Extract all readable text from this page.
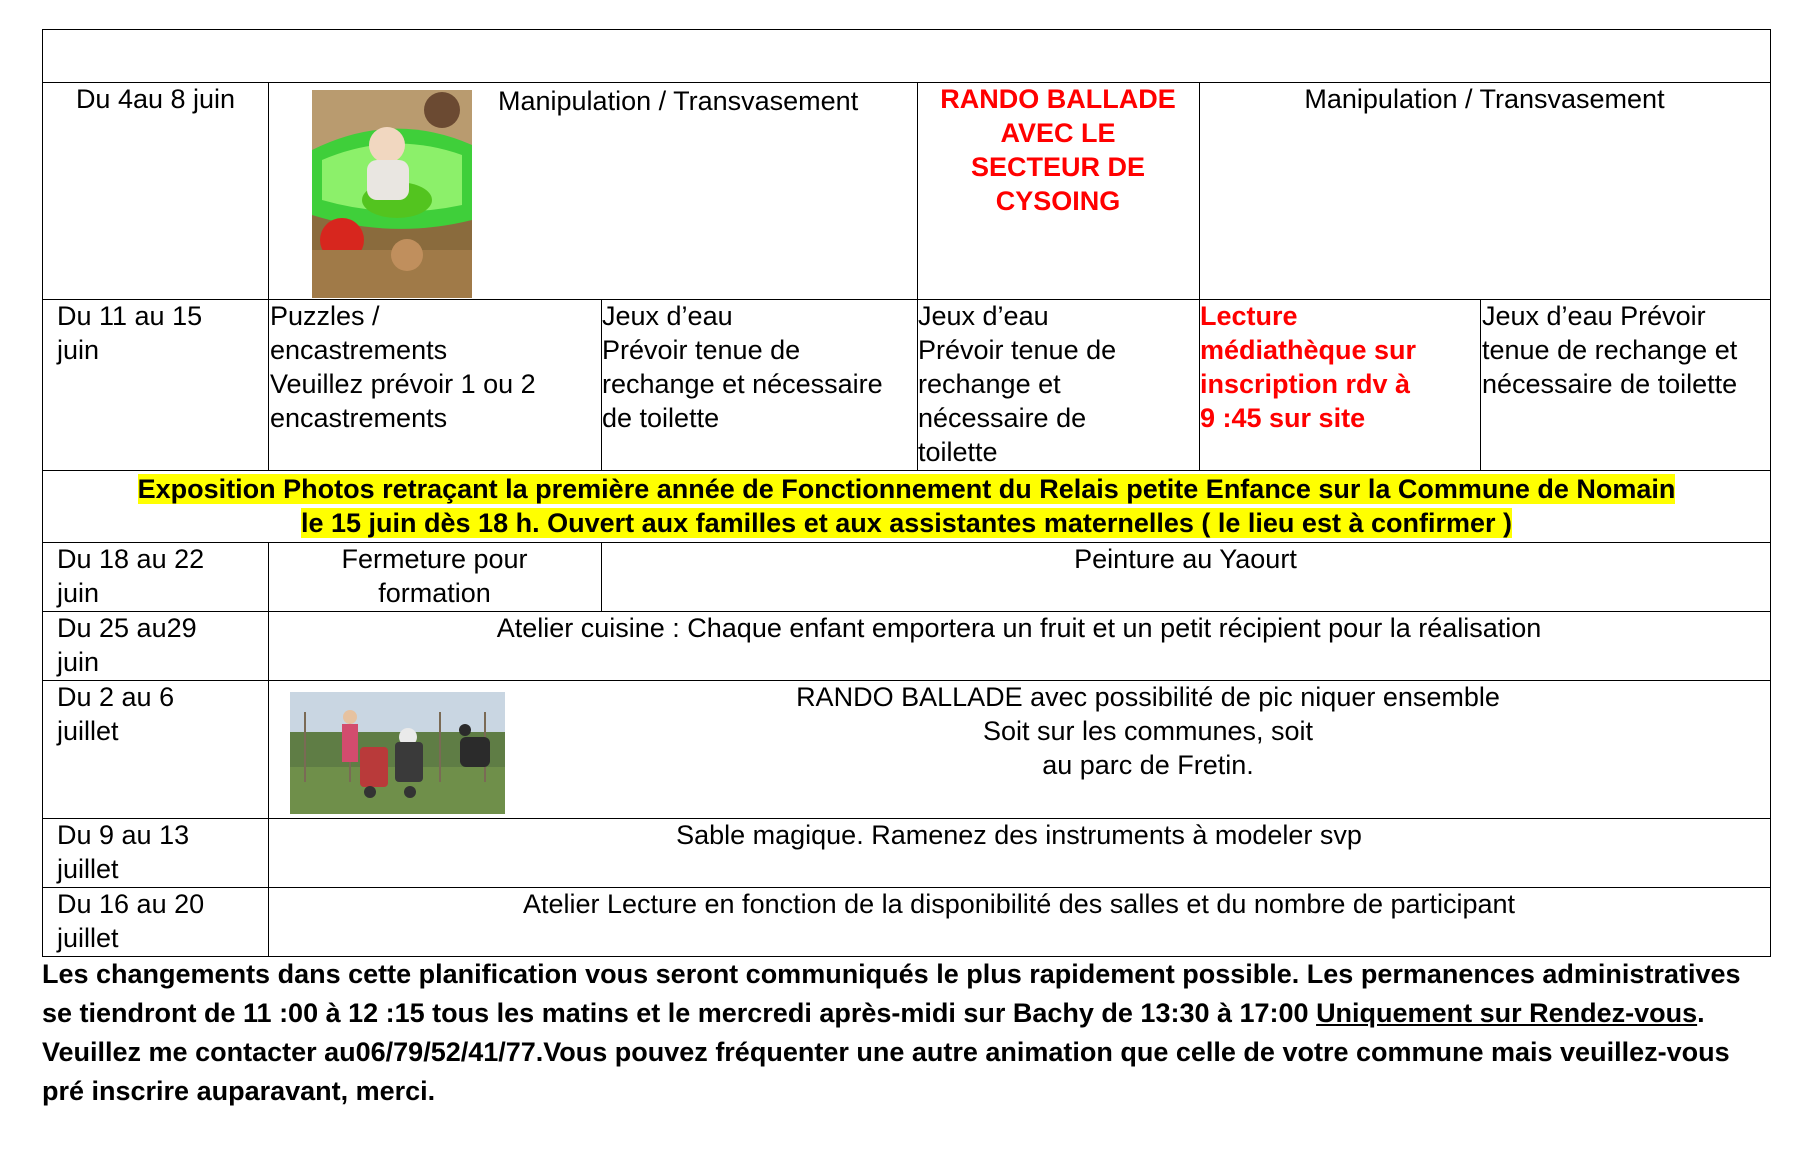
Du 4au 8 juin	Manipulation / Transvasement	RANDO BALLADE
AVEC LE
SECTEUR DE
CYSOING
Manipulation / Transvasement
Du 11 au 15
juin
Puzzles /
encastrements
Veuillez prévoir 1 ou 2
encastrements
Jeux d’eau
Prévoir tenue de
rechange et nécessaire
de toilette
Jeux d’eau
Prévoir tenue de
rechange et
nécessaire de
toilette
Lecture
médiathèque sur
inscription rdv à
9 :45 sur site
Jeux d’eau Prévoir
tenue de rechange et
nécessaire de toilette
Exposition Photos retraçant la première année de Fonctionnement du Relais petite Enfance sur la Commune de Nomain
le 15 juin dès 18 h. Ouvert aux familles et aux assistantes maternelles ( le lieu est à confirmer )
Du 18 au 22
juin
Fermeture pour
formation
Peinture au Yaourt
Du 25 au29
juin
Atelier cuisine : Chaque enfant emportera un fruit et un petit récipient pour la réalisation
Du 2 au 6
juillet
RANDO BALLADE avec possibilité de pic niquer ensemble
Soit sur les communes, soit
au parc de Fretin.
Du 9 au 13
juillet
Sable magique. Ramenez des instruments à modeler svp
Du 16 au 20
juillet
Atelier Lecture en fonction de la disponibilité des salles et du nombre de participant
Les changements dans cette planification vous seront communiqués le plus rapidement possible. Les permanences administratives se tiendront de 11 :00 à 12 :15 tous les matins et le mercredi après-midi sur Bachy de 13:30 à 17:00 Uniquement sur Rendez-vous. Veuillez me contacter au06/79/52/41/77.Vous pouvez fréquenter une autre animation que celle de votre commune mais veuillez-vous pré inscrire auparavant, merci.
